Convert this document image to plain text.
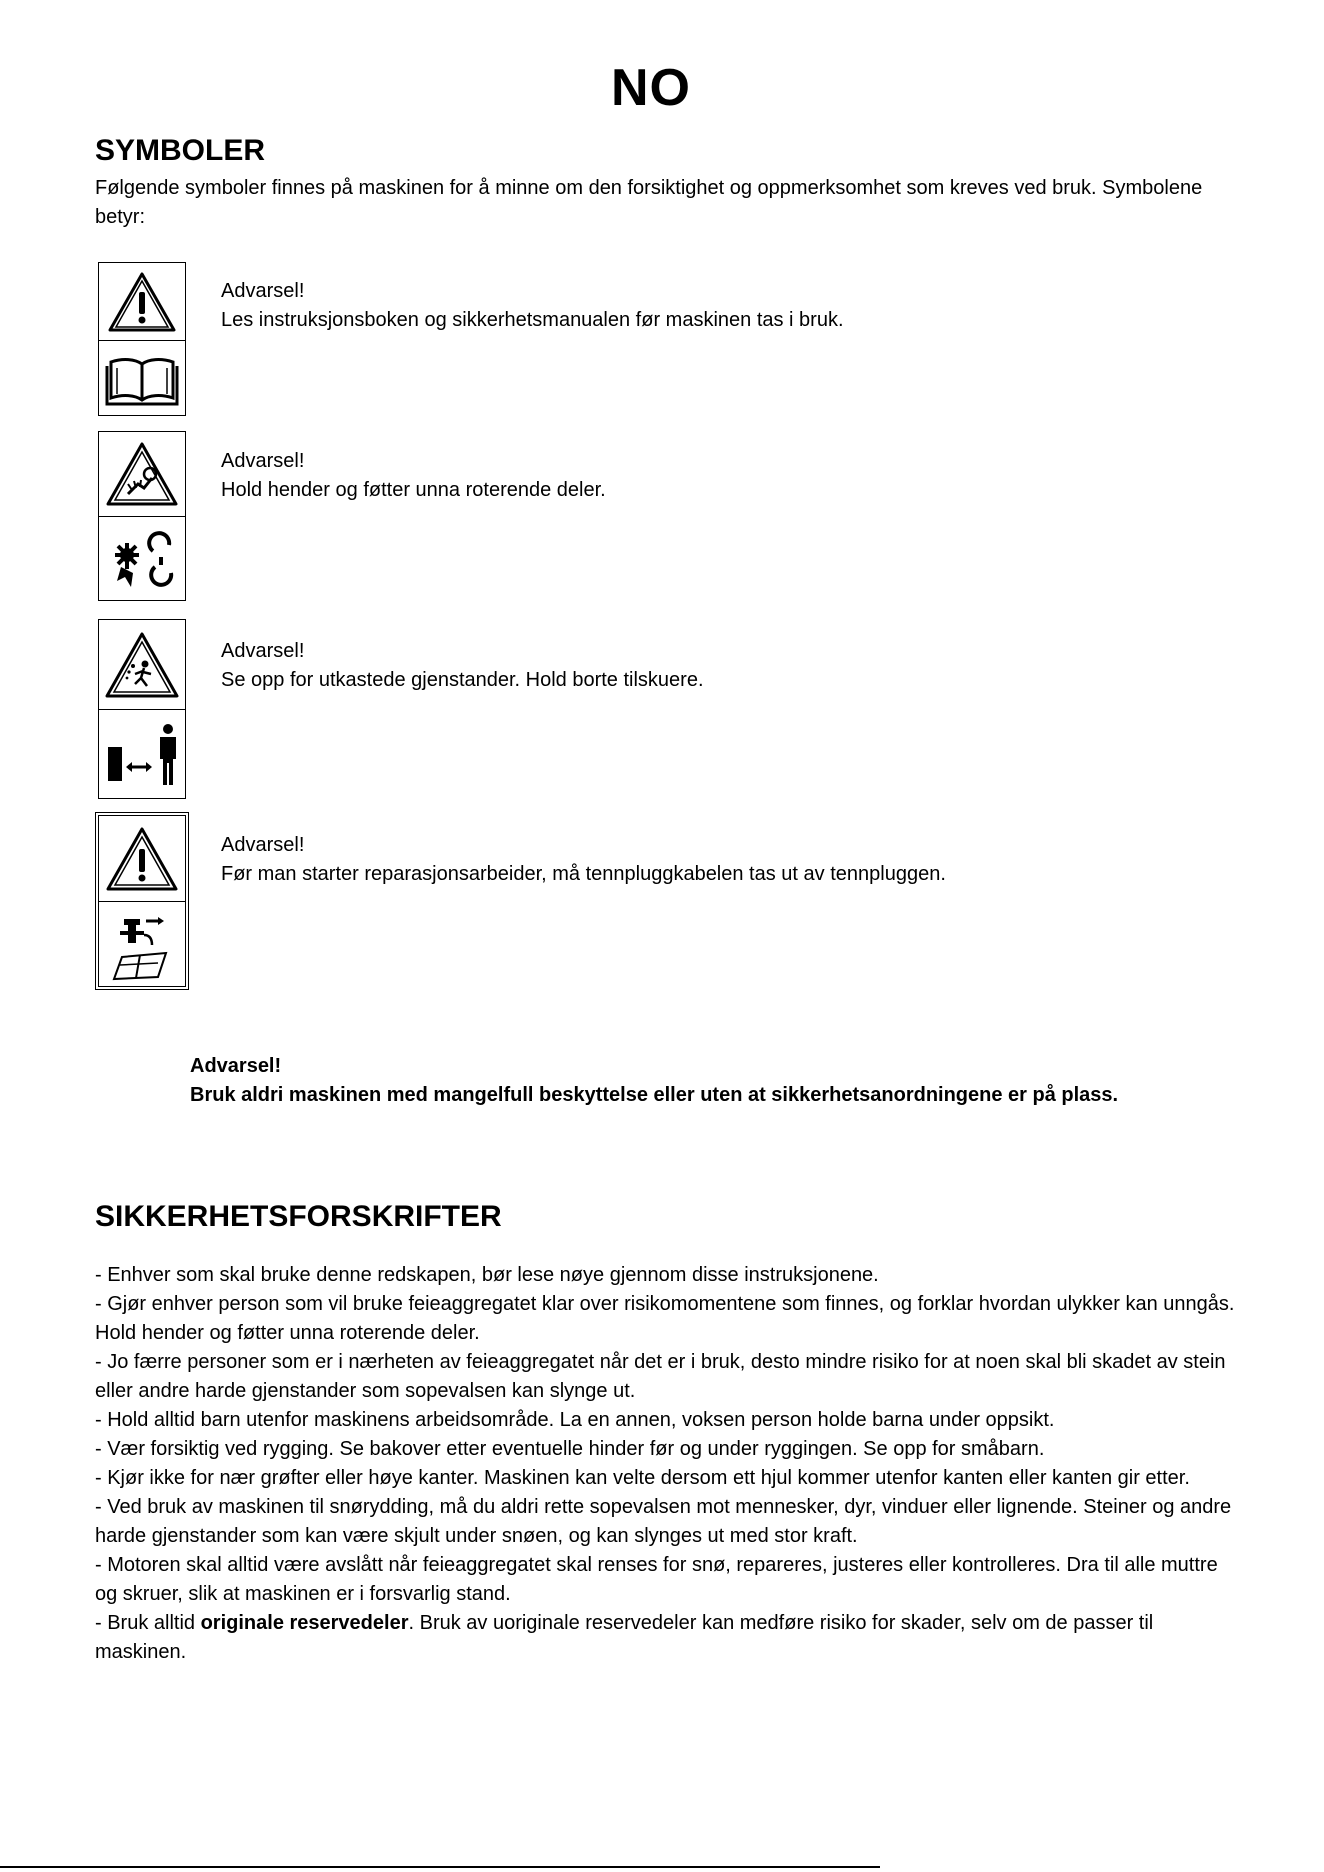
NO
SYMBOLER
Følgende symboler finnes på maskinen for å minne om den forsiktighet og oppmerksomhet som kreves ved bruk. Symbolene betyr:
Advarsel!
Les instruksjonsboken og sikkerhetsmanualen før maskinen tas i bruk.
Advarsel!
Hold hender og føtter unna roterende deler.
Advarsel!
Se opp for utkastede gjenstander. Hold borte tilskuere.
Advarsel!
Før man starter reparasjonsarbeider, må tennpluggkabelen tas ut av tennpluggen.
Advarsel!
Bruk aldri maskinen med mangelfull beskyttelse eller uten at sikkerhetsanordningene er på plass.
SIKKERHETSFORSKRIFTER

- Enhver som skal bruke denne redskapen, bør lese nøye gjennom disse instruksjonene.

- Gjør enhver person som vil bruke feieaggregatet klar over risikomomentene som finnes, og forklar hvordan ulykker kan unngås. Hold hender og føtter unna roterende deler.

- Jo færre personer som er i nærheten av feieaggregatet når det er i bruk, desto mindre risiko for at noen skal bli skadet av stein eller andre harde gjenstander som sopevalsen kan slynge ut.

- Hold alltid barn utenfor maskinens arbeidsområde. La en annen, voksen person holde barna under oppsikt.

- Vær forsiktig ved rygging. Se bakover etter eventuelle hinder før og under ryggingen. Se opp for småbarn.

- Kjør ikke for nær grøfter eller høye kanter. Maskinen kan velte dersom ett hjul kommer utenfor kanten eller kanten gir etter.

- Ved bruk av maskinen til snørydding, må du aldri rette sopevalsen mot mennesker, dyr, vinduer eller lignende. Steiner og andre harde gjenstander som kan være skjult under snøen, og kan slynges ut med stor kraft.

- Motoren skal alltid være avslått når feieaggregatet skal renses for snø, repareres, justeres eller kontrolleres. Dra til alle muttre og skruer, slik at maskinen er i forsvarlig stand.

- Bruk alltid originale reservedeler. Bruk av uoriginale reservedeler kan medføre risiko for skader, selv om de passer til maskinen.
